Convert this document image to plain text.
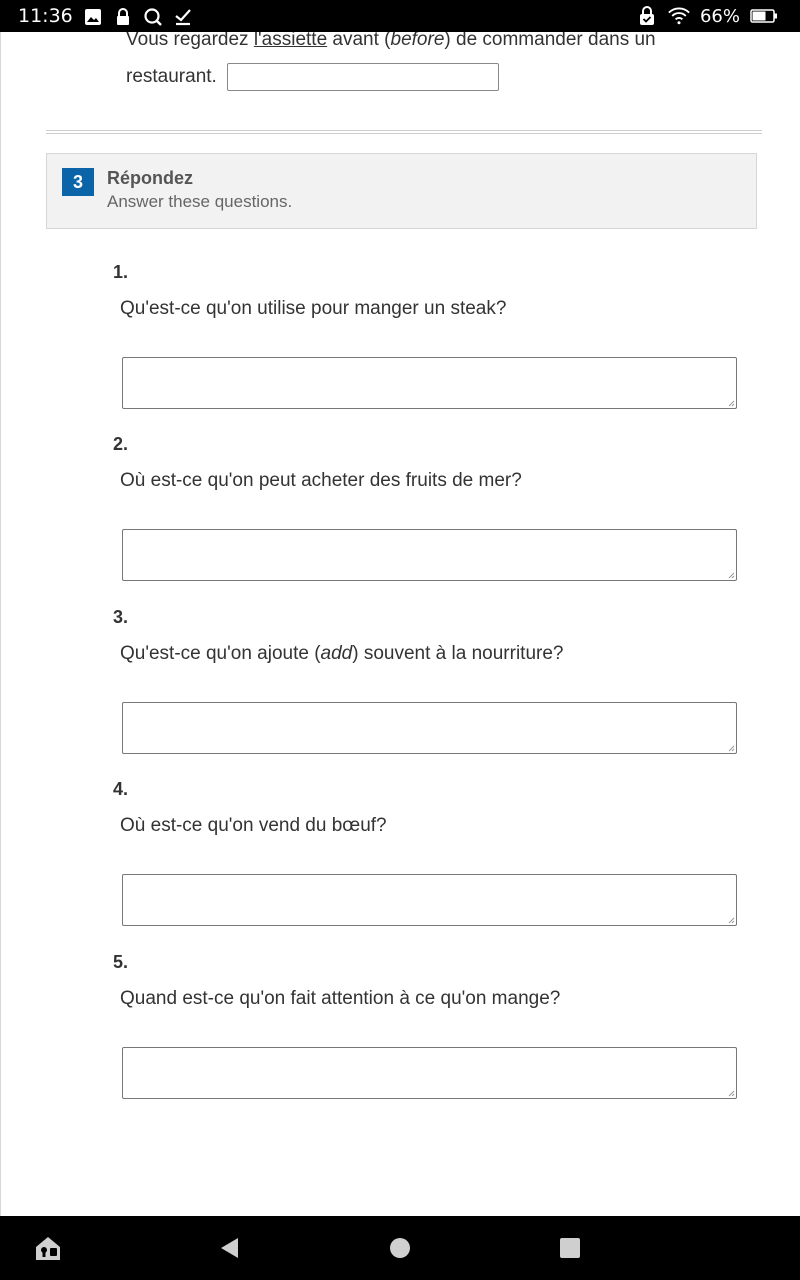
11:36	66%
Vous regardez l'assiette avant (before) de commander dans un
restaurant.
3	Répondez
Answer these questions.
1.
Qu'est-ce qu'on utilise pour manger un steak?
2.
Où est-ce qu'on peut acheter des fruits de mer?
3.
Qu'est-ce qu'on ajoute (add) souvent à la nourriture?
4.
Où est-ce qu'on vend du bœuf?
5.
Quand est-ce qu'on fait attention à ce qu'on mange?
